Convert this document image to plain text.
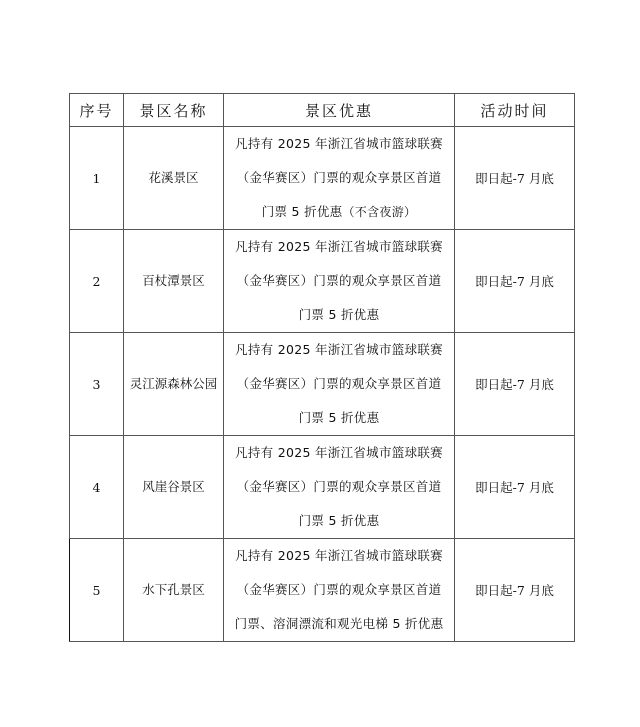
序号	景区名称	景区优惠	活动时间
1	花溪景区	凡持有 2025 年浙江省城市篮球联赛
（金华赛区）门票的观众享景区首道
门票 5 折优惠（不含夜游）	即日起-7 月底
2	百杖潭景区	凡持有 2025 年浙江省城市篮球联赛
（金华赛区）门票的观众享景区首道
门票 5 折优惠	即日起-7 月底
3	灵江源森林公园	凡持有 2025 年浙江省城市篮球联赛
（金华赛区）门票的观众享景区首道
门票 5 折优惠	即日起-7 月底
4	风崖谷景区	凡持有 2025 年浙江省城市篮球联赛
（金华赛区）门票的观众享景区首道
门票 5 折优惠	即日起-7 月底
5	水下孔景区	凡持有 2025 年浙江省城市篮球联赛
（金华赛区）门票的观众享景区首道
门票、溶洞漂流和观光电梯 5 折优惠	即日起-7 月底
